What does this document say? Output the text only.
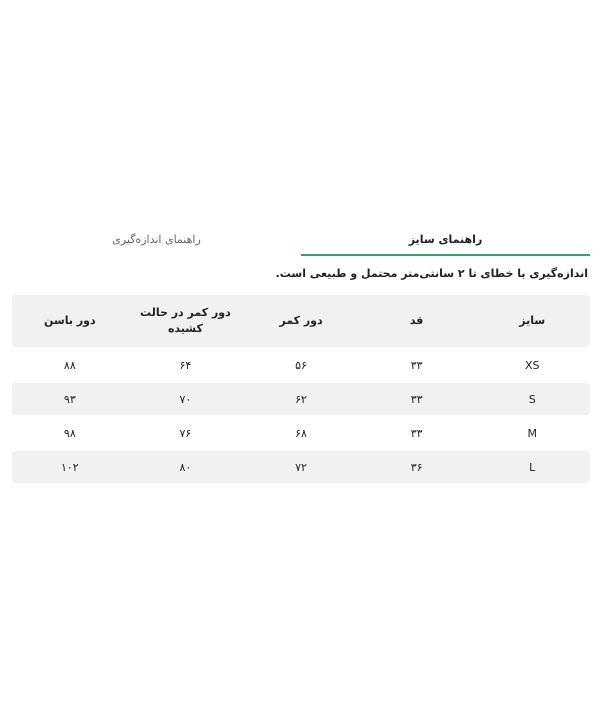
راهنمای سایز
راهنمای اندازه‌گیری
اندازه‌گیری با خطای تا ۲ سانتی‌متر محتمل و طبیعی است.
سایز
قد
دور کمر
دور کمر در حالت کشیده
دور باسن
XS
۳۳
۵۶
۶۴
۸۸
S
۳۳
۶۲
۷۰
۹۳
M
۳۳
۶۸
۷۶
۹۸
L
۳۶
۷۲
۸۰
۱۰۲
